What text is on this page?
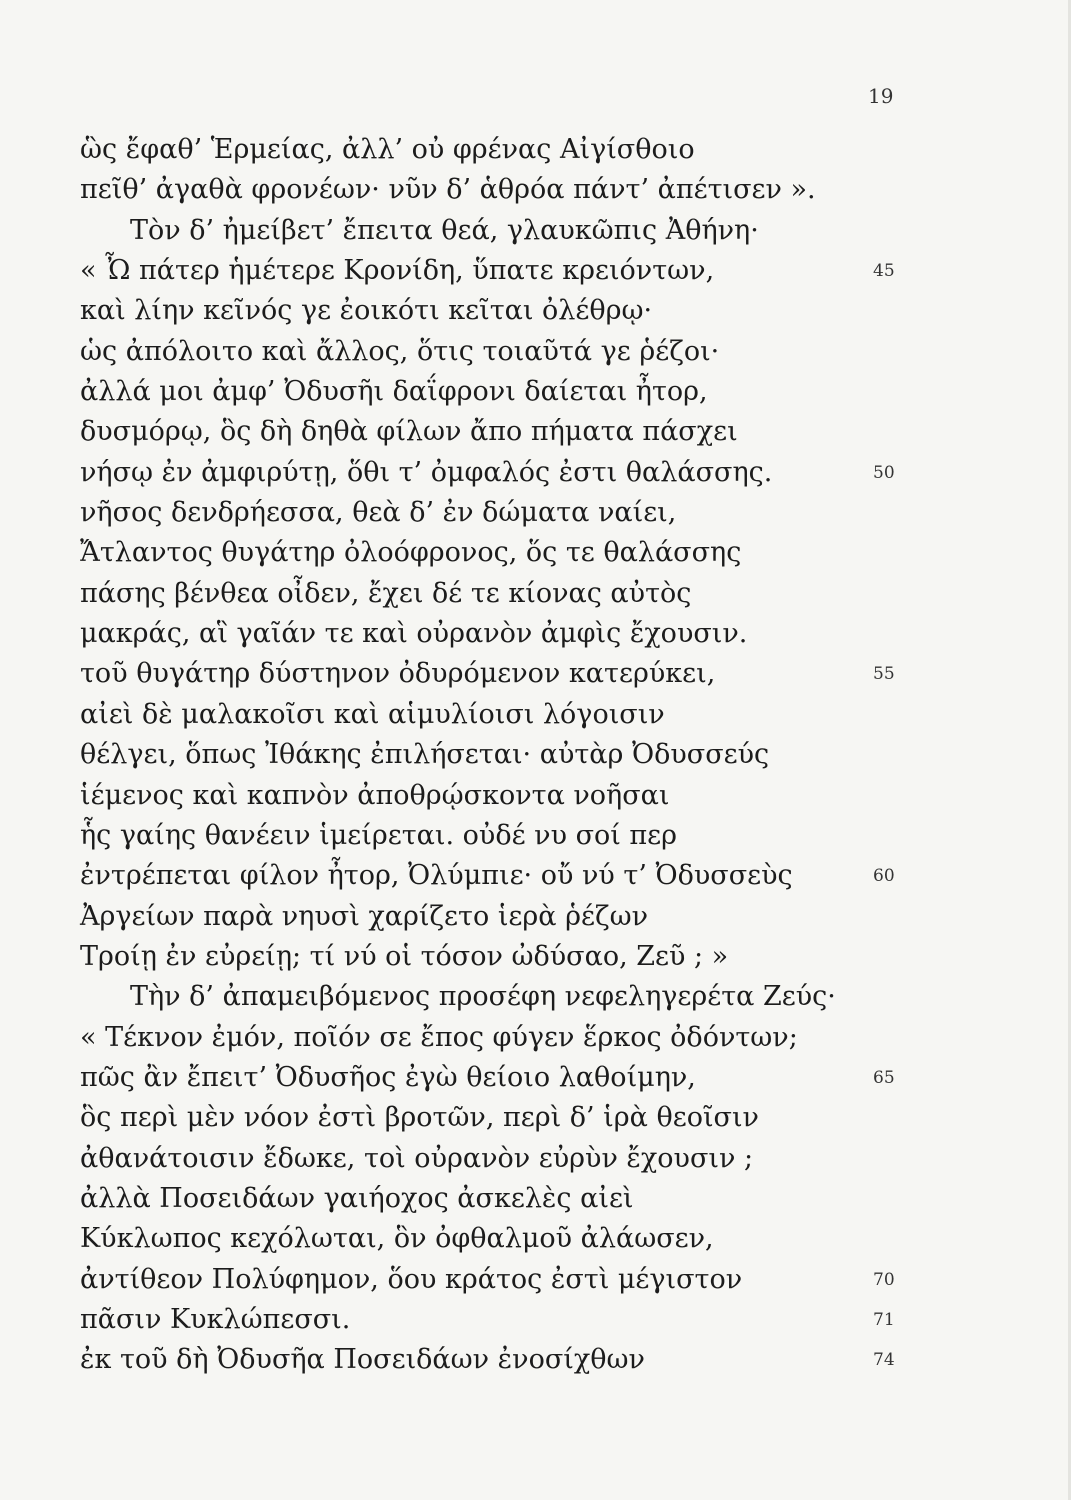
19
ὣς ἔφαθ’ Ἑρμείας, ἀλλ’ οὐ φρένας Αἰγίσθοιο
πεῖθ’ ἀγαθὰ φρονέων· νῦν δ’ ἁθρόα πάντ’ ἀπέτισεν ».
Τὸν δ’ ἠμείβετ’ ἔπειτα θεά, γλαυκῶπις Ἀθήνη·
« Ὦ πάτερ ἡμέτερε Κρονίδη, ὕπατε κρειόντων,	45
καὶ λίην κεῖνός γε ἐοικότι κεῖται ὀλέθρῳ·
ὡς ἀπόλοιτο καὶ ἄλλος, ὅτις τοιαῦτά γε ῥέζοι·
ἀλλά μοι ἀμφ’ Ὀδυσῆι δαΐφρονι δαίεται ἦτορ,
δυσμόρῳ, ὃς δὴ δηθὰ φίλων ἄπο πήματα πάσχει
νήσῳ ἐν ἀμφιρύτῃ, ὅθι τ’ ὀμφαλός ἐστι θαλάσσης.	50
νῆσος δενδρήεσσα, θεὰ δ’ ἐν δώματα ναίει,
Ἄτλαντος θυγάτηρ ὀλοόφρονος, ὅς τε θαλάσσης
πάσης βένθεα οἶδεν, ἔχει δέ τε κίονας αὐτὸς
μακράς, αἳ γαῖάν τε καὶ οὐρανὸν ἀμφὶς ἔχουσιν.
τοῦ θυγάτηρ δύστηνον ὀδυρόμενον κατερύκει,	55
αἰεὶ δὲ μαλακοῖσι καὶ αἱμυλίοισι λόγοισιν
θέλγει, ὅπως Ἰθάκης ἐπιλήσεται· αὐτὰρ Ὀδυσσεύς
ἱέμενος καὶ καπνὸν ἀποθρῴσκοντα νοῆσαι
ἧς γαίης θανέειν ἱμείρεται. οὐδέ νυ σοί περ
ἐντρέπεται φίλον ἦτορ, Ὀλύμπιε· οὔ νύ τ’ Ὀδυσσεὺς	60
Ἀργείων παρὰ νηυσὶ χαρίζετο ἱερὰ ῥέζων
Τροίῃ ἐν εὐρείῃ; τί νύ οἱ τόσον ὠδύσαο, Ζεῦ ; »
Τὴν δ’ ἀπαμειβόμενος προσέφη νεφεληγερέτα Ζεύς·
« Τέκνον ἐμόν, ποῖόν σε ἔπος φύγεν ἕρκος ὀδόντων;
πῶς ἂν ἔπειτ’ Ὀδυσῆος ἐγὼ θείοιο λαθοίμην,	65
ὃς περὶ μὲν νόον ἐστὶ βροτῶν, περὶ δ’ ἱρὰ θεοῖσιν
ἀθανάτοισιν ἔδωκε, τοὶ οὐρανὸν εὐρὺν ἔχουσιν ;
ἀλλὰ Ποσειδάων γαιήοχος ἀσκελὲς αἰεὶ
Κύκλωπος κεχόλωται, ὃν ὀφθαλμοῦ ἀλάωσεν,
ἀντίθεον Πολύφημον, ὅου κράτος ἐστὶ μέγιστον	70
πᾶσιν Κυκλώπεσσι.	71
ἐκ τοῦ δὴ Ὀδυσῆα Ποσειδάων ἐνοσίχθων	74
